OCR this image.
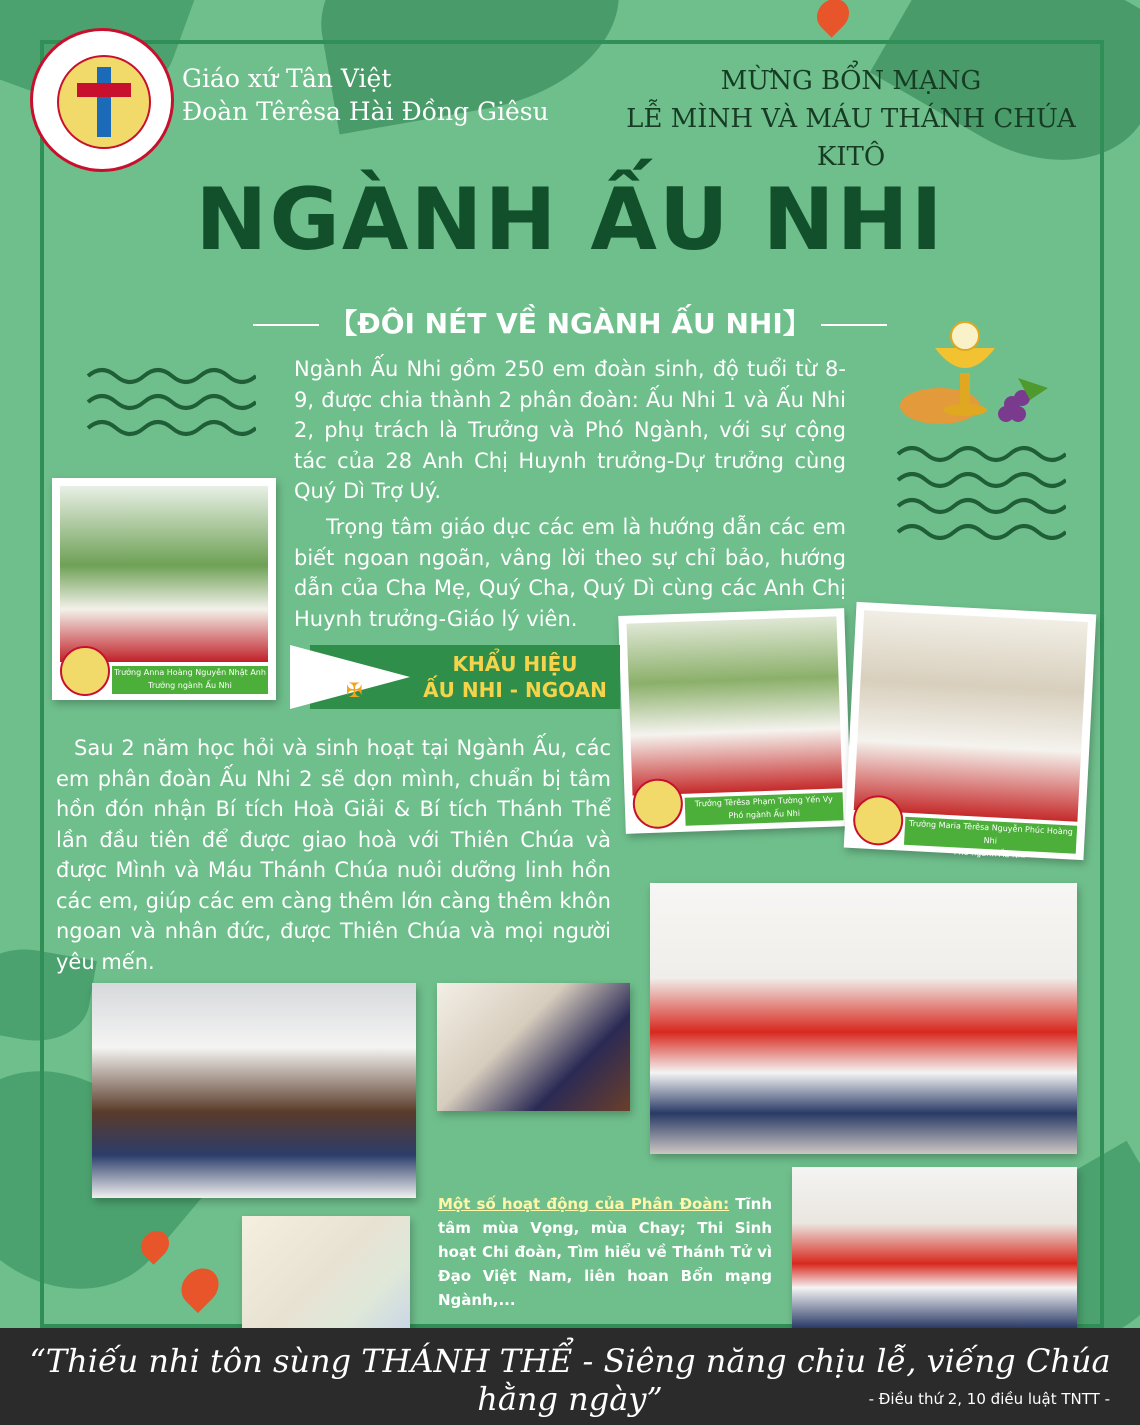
Giáo xứ Tân Việt
Đoàn Têrêsa Hài Đồng Giêsu
MỪNG BỔN MẠNG
LỄ MÌNH VÀ MÁU THÁNH CHÚA KITÔ
NGÀNH ẤU NHI
【ĐÔI NÉT VỀ NGÀNH ẤU NHI】
Ngành Ấu Nhi gồm 250 em đoàn sinh, độ tuổi từ 8-9, được chia thành 2 phân đoàn: Ấu Nhi 1 và Ấu Nhi 2, phụ trách là Trưởng và Phó Ngành, với sự cộng tác của 28 Anh Chị Huynh trưởng-Dự trưởng cùng Quý Dì Trợ Uý.
Trọng tâm giáo dục các em là hướng dẫn các em biết ngoan ngoãn, vâng lời theo sự chỉ bảo, hướng dẫn của Cha Mẹ, Quý Cha, Quý Dì cùng các Anh Chị Huynh trưởng-Giáo lý viên.
Sau 2 năm học hỏi và sinh hoạt tại Ngành Ấu, các em phân đoàn Ấu Nhi 2 sẽ dọn mình, chuẩn bị tâm hồn đón nhận Bí tích Hoà Giải & Bí tích Thánh Thể lần đầu tiên để được giao hoà với Thiên Chúa và được Mình và Máu Thánh Chúa nuôi dưỡng linh hồn các em, giúp các em càng thêm lớn càng thêm khôn ngoan và nhân đức, được Thiên Chúa và mọi người yêu mến.
Trưởng Anna Hoàng Nguyễn Nhật Anh
Trưởng ngành Ấu Nhi
Trưởng Têrêsa Phạm Tường Yến Vy
Phó ngành Ấu Nhi
Trưởng Maria Têrêsa Nguyễn Phúc Hoàng Nhi
Phó ngành Ấu Nhi
✠
KHẨU HIỆU
ẤU NHI - NGOAN
Một số hoạt động của Phân Đoàn: Tĩnh tâm mùa Vọng, mùa Chay; Thi Sinh hoạt Chi đoàn, Tìm hiểu về Thánh Tử vì Đạo Việt Nam, liên hoan Bổn mạng Ngành,...
“Thiếu nhi tôn sùng THÁNH THỂ - Siêng năng chịu lễ, viếng Chúa hằng ngày”	- Điều thứ 2, 10 điều luật TNTT -
